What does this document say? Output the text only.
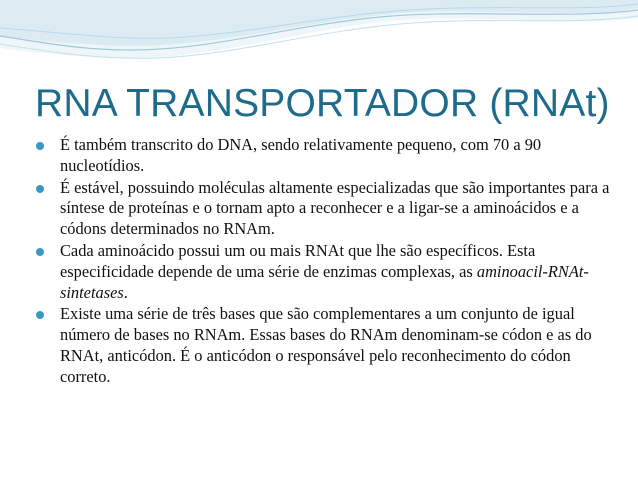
RNA TRANSPORTADOR (RNAt)
É também transcrito do DNA, sendo relativamente pequeno, com 70 a 90 nucleotídios.
É estável, possuindo moléculas altamente especializadas que são importantes para a síntese de proteínas e o tornam apto a reconhecer e a ligar-se a aminoácidos e a códons determinados no RNAm.
Cada aminoácido possui um ou mais RNAt que lhe são específicos. Esta especificidade depende de uma série de enzimas complexas, as aminoacil-RNAt-sintetases.
Existe uma série de três bases que são complementares a um conjunto de igual número de bases no RNAm. Essas bases do RNAm denominam-se códon e as do RNAt, anticódon. É o anticódon o responsável pelo reconhecimento do códon correto.
